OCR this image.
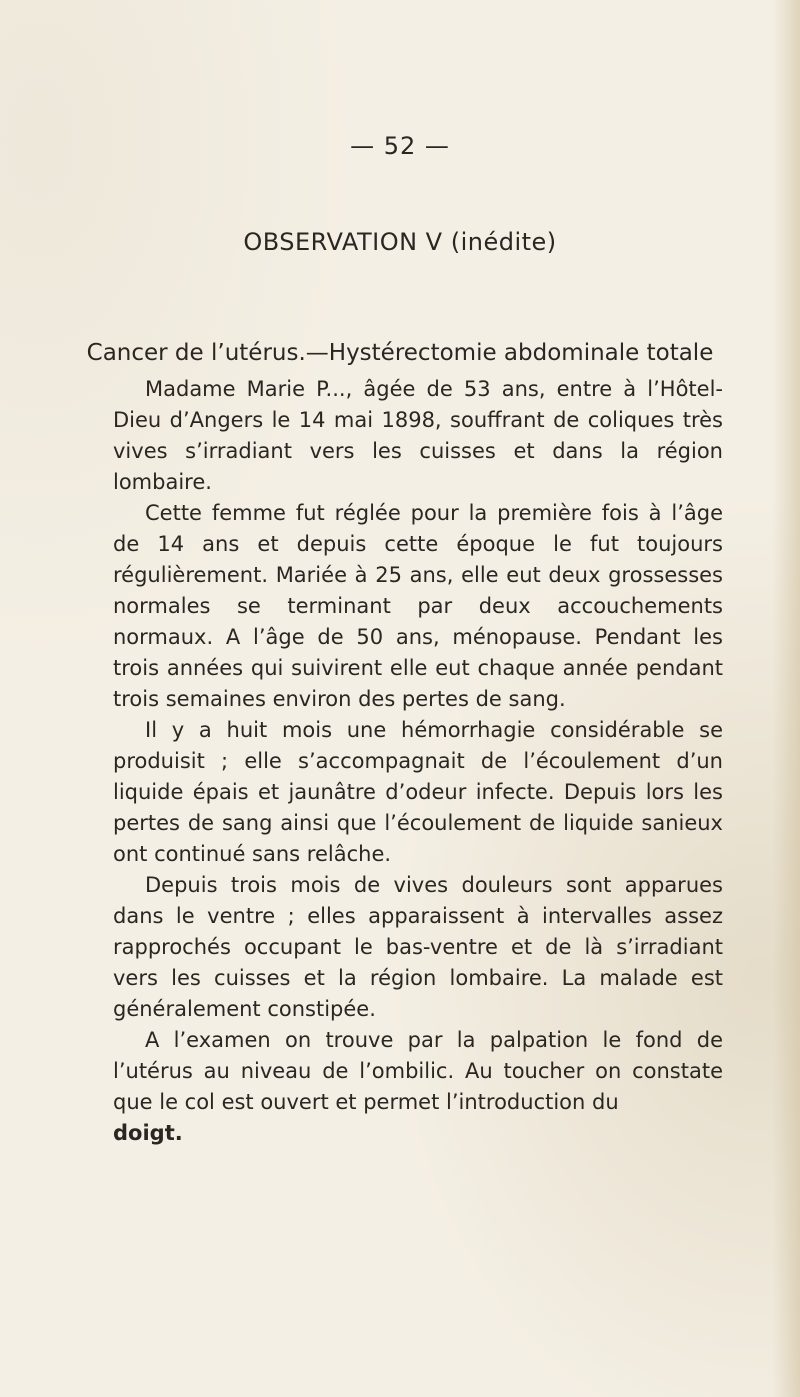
— 52 —
OBSERVATION V (inédite)
Cancer de l’utérus.—Hystérectomie abdominale totale

Madame Marie P..., âgée de 53 ans, entre à l’Hôtel-Dieu d’Angers le 14 mai 1898, souffrant de coliques très vives s’irradiant vers les cuisses et dans la région lombaire.

Cette femme fut réglée pour la première fois à l’âge de 14 ans et depuis cette époque le fut toujours régulièrement. Mariée à 25 ans, elle eut deux grossesses normales se terminant par deux accouchements normaux. A l’âge de 50 ans, ménopause. Pendant les trois années qui suivirent elle eut chaque année pendant trois semaines environ des pertes de sang.

Il y a huit mois une hémorrhagie considérable se produisit ; elle s’accompagnait de l’écoulement d’un liquide épais et jaunâtre d’odeur infecte. Depuis lors les pertes de sang ainsi que l’écoulement de liquide sanieux ont continué sans relâche.

Depuis trois mois de vives douleurs sont apparues dans le ventre ; elles apparaissent à intervalles assez rapprochés occupant le bas-ventre et de là s’irradiant vers les cuisses et la région lombaire. La malade est généralement constipée.

A l’examen on trouve par la palpation le fond de l’utérus au niveau de l’ombilic. Au toucher on constate que le col est ouvert et permet l’introduction du

doigt.
